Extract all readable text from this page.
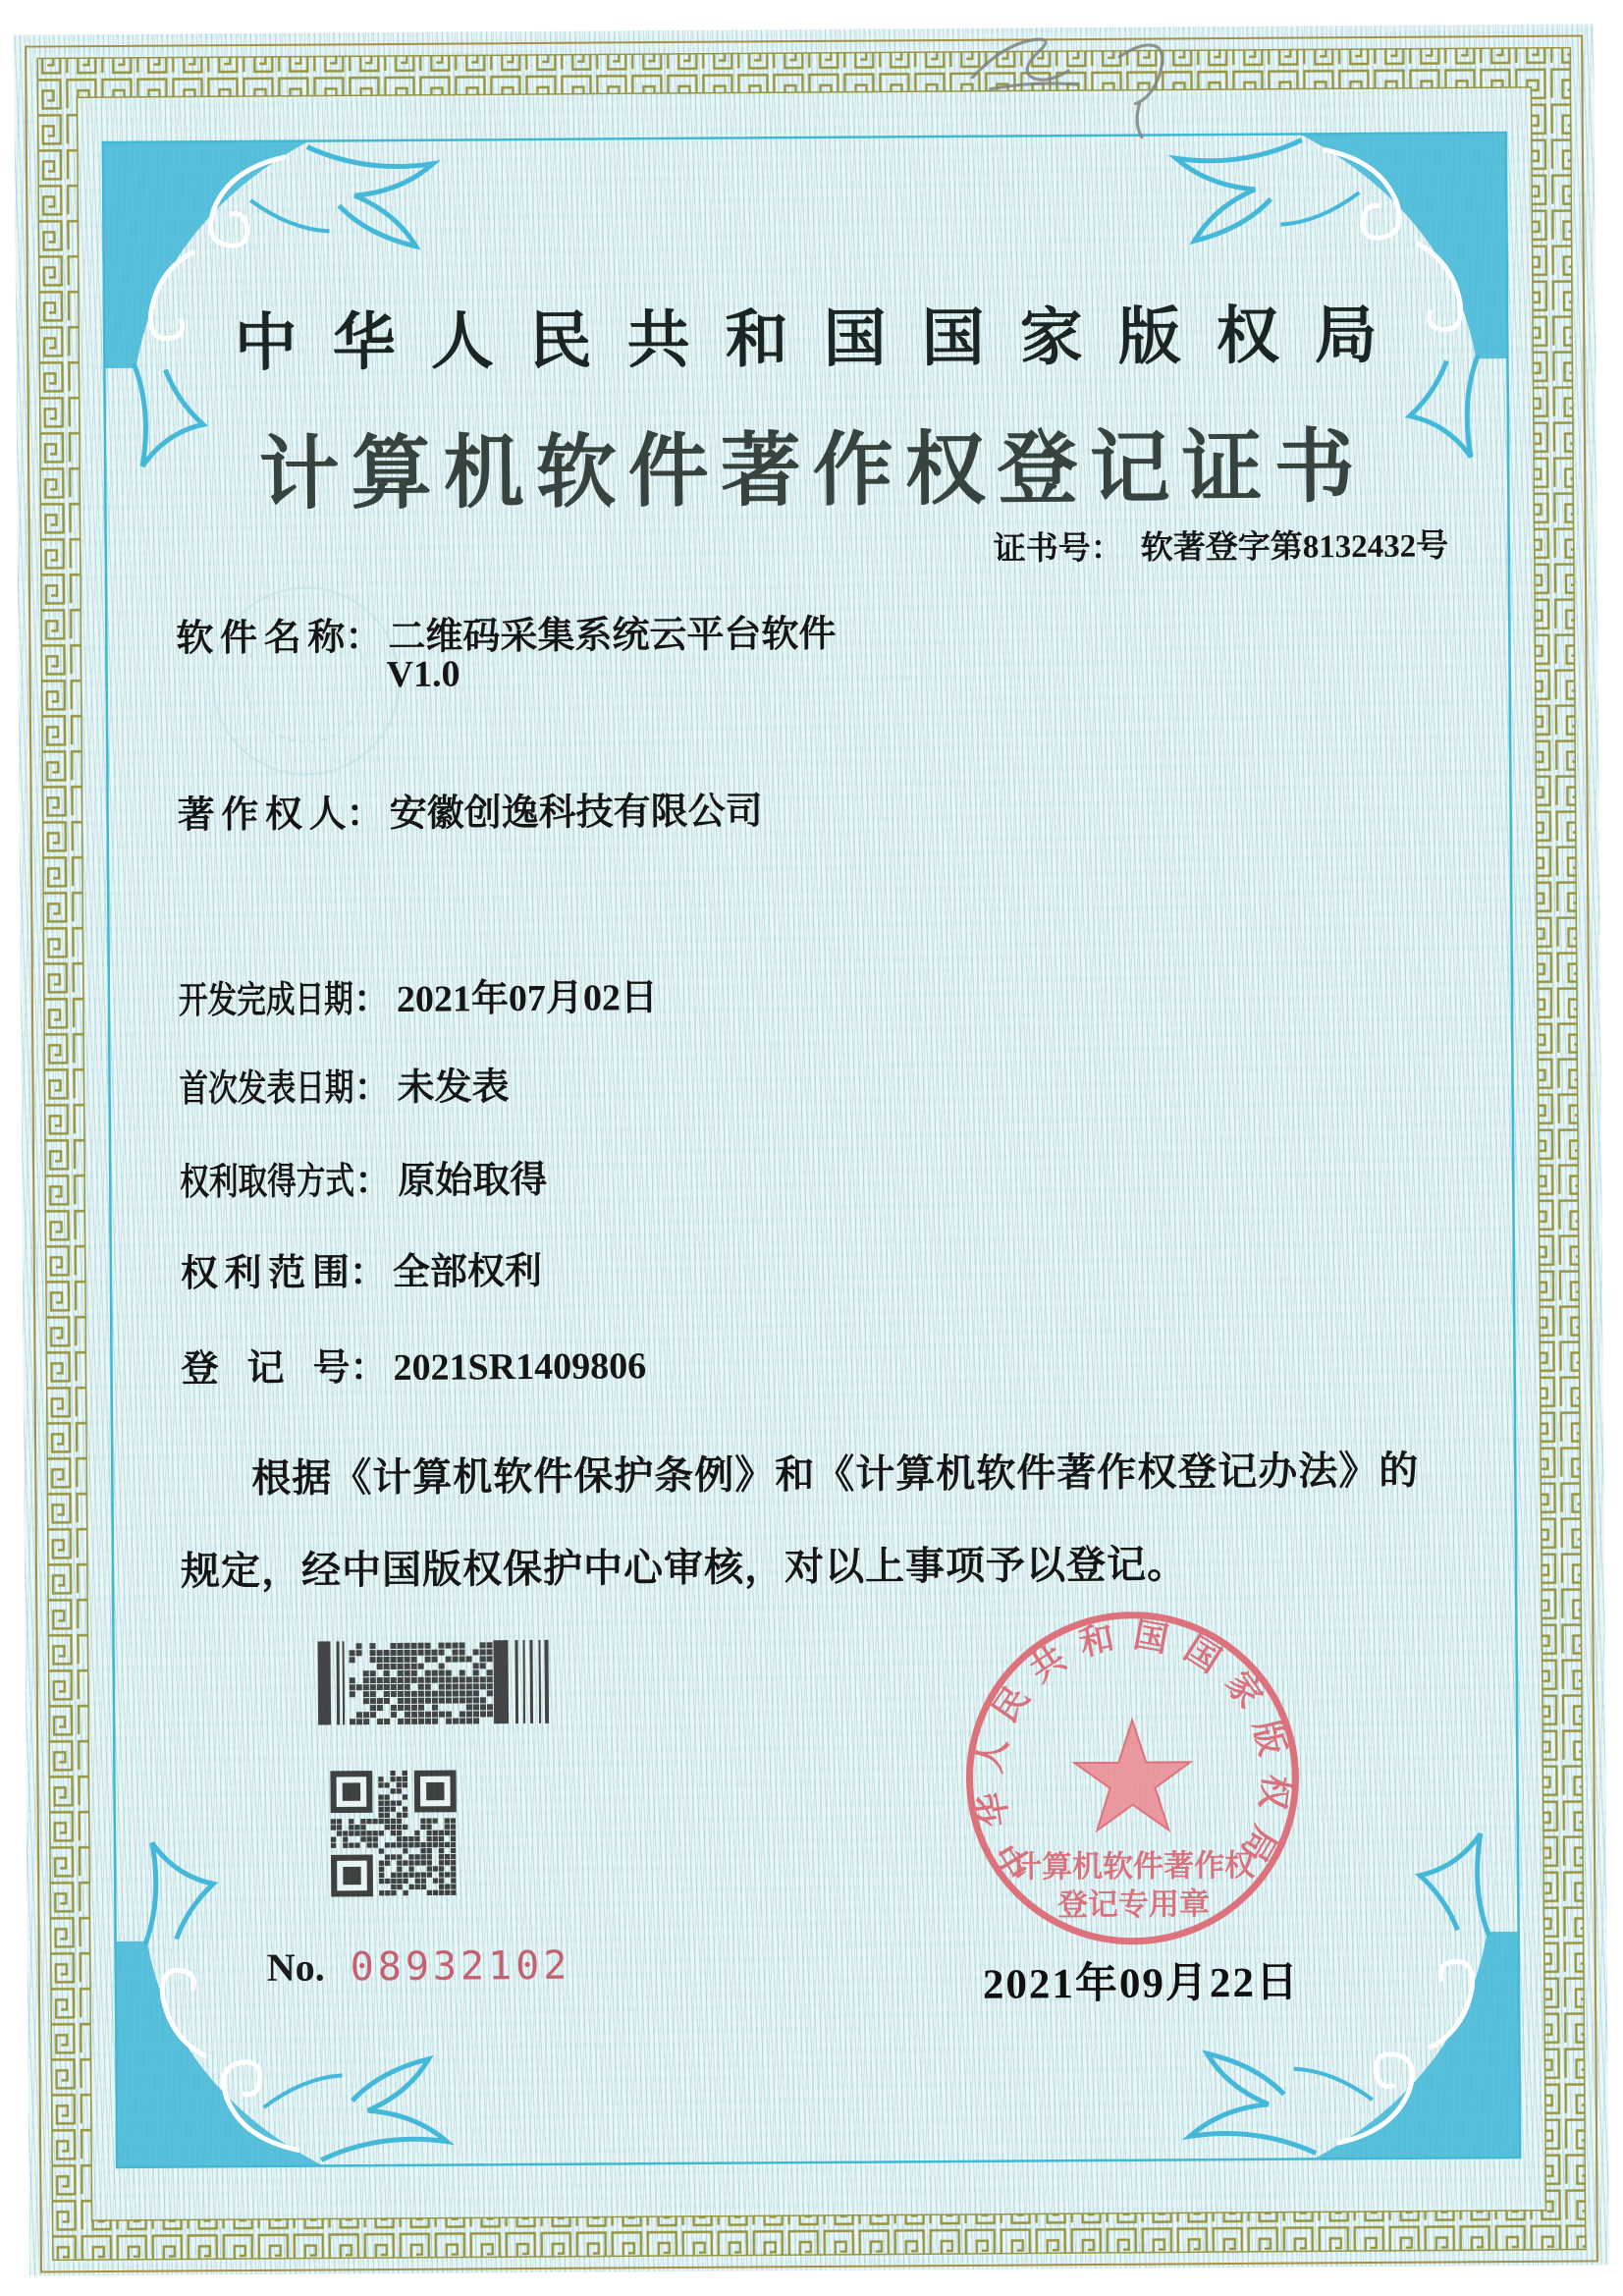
中华人民共和国国家版权局
计算机软件著作权
登记专用章
中华人民共和国国家版权局
计算机软件著作权登记证书
证书号： 软著登字第8132432号
软件名称： 二维码采集系统云平台软件
V1.0
著作权人： 安徽创逸科技有限公司
开发完成日期： 2021年07月02日
首次发表日期： 未发表
权利取得方式： 原始取得
权利范围： 全部权利
登记号： 2021SR1409806
根据《计算机软件保护条例》和《计算机软件著作权登记办法》的
规定，经中国版权保护中心审核，对以上事项予以登记。
No. 08932102	2021年09月22日
